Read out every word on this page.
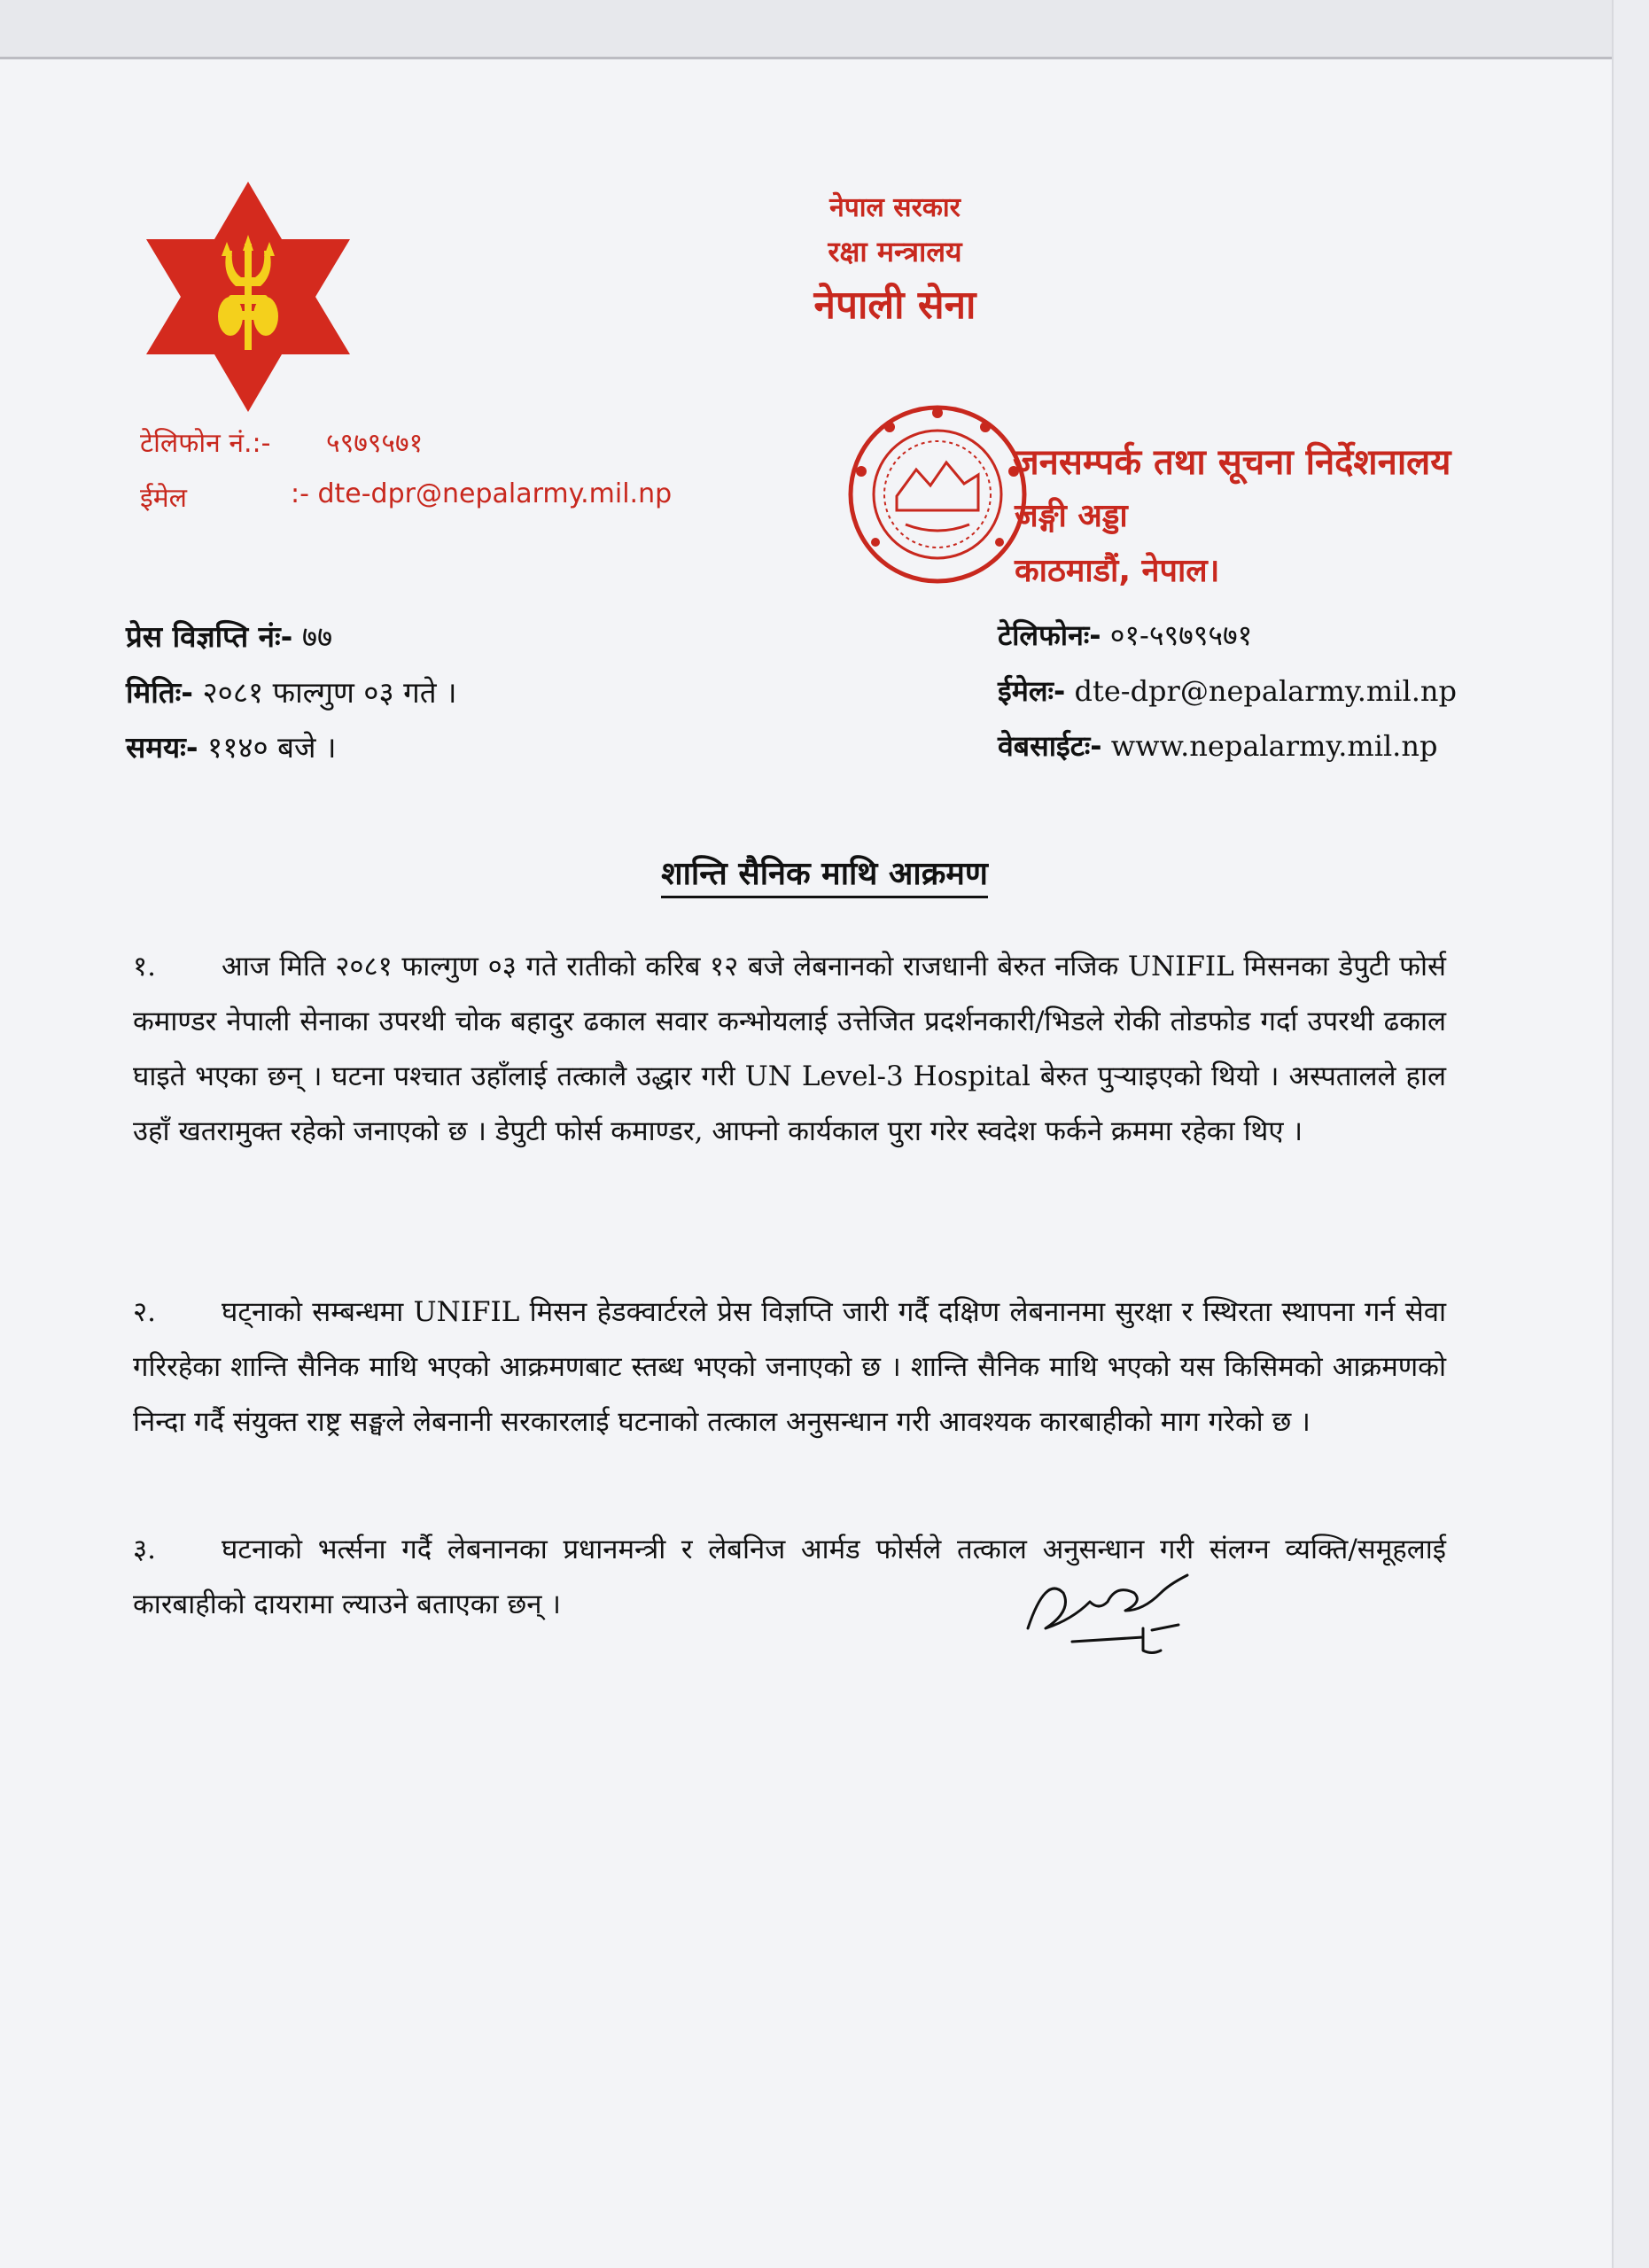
नेपाल सरकार
रक्षा मन्त्रालय
नेपाली सेना
टेलिफोन नं.:- ५९७९५७१
ईमेल	:- dte-dpr@nepalarmy.mil.np
जनसम्पर्क तथा सूचना निर्देशनालय
जङ्गी अड्डा
काठमाडौं, नेपाल।
प्रेस विज्ञप्ति नंः- ७७
मितिः- २०८१ फाल्गुण ०३ गते ।
समयः- ११४० बजे ।
टेलिफोनः- ०१-५९७९५७१
ईमेलः- dte-dpr@nepalarmy.mil.np
वेबसाईटः- www.nepalarmy.mil.np
शान्ति सैनिक माथि आक्रमण
१. आज मिति २०८१ फाल्गुण ०३ गते रातीको करिब १२ बजे लेबनानको राजधानी बेरुत नजिक UNIFIL मिसनका डेपुटी फोर्स कमाण्डर नेपाली सेनाका उपरथी चोक बहादुर ढकाल सवार कन्भोयलाई उत्तेजित प्रदर्शनकारी/भिडले रोकी तोडफोड गर्दा उपरथी ढकाल घाइते भएका छन् । घटना पश्चात उहाँलाई तत्कालै उद्धार गरी UN Level-3 Hospital बेरुत पुऱ्याइएको थियो । अस्पतालले हाल उहाँ खतरामुक्त रहेको जनाएको छ । डेपुटी फोर्स कमाण्डर, आफ्नो कार्यकाल पुरा गरेर स्वदेश फर्कने क्रममा रहेका थिए ।
२. घट्नाको सम्बन्धमा UNIFIL मिसन हेडक्वार्टरले प्रेस विज्ञप्ति जारी गर्दै दक्षिण लेबनानमा सुरक्षा र स्थिरता स्थापना गर्न सेवा गरिरहेका शान्ति सैनिक माथि भएको आक्रमणबाट स्तब्ध भएको जनाएको छ । शान्ति सैनिक माथि भएको यस किसिमको आक्रमणको निन्दा गर्दै संयुक्त राष्ट्र सङ्घले लेबनानी सरकारलाई घटनाको तत्काल अनुसन्धान गरी आवश्यक कारबाहीको माग गरेको छ ।
३. घटनाको भर्त्सना गर्दै लेबनानका प्रधानमन्त्री र लेबनिज आर्मड फोर्सले तत्काल अनुसन्धान गरी संलग्न व्यक्ति/समूहलाई कारबाहीको दायरामा ल्याउने बताएका छन् ।
